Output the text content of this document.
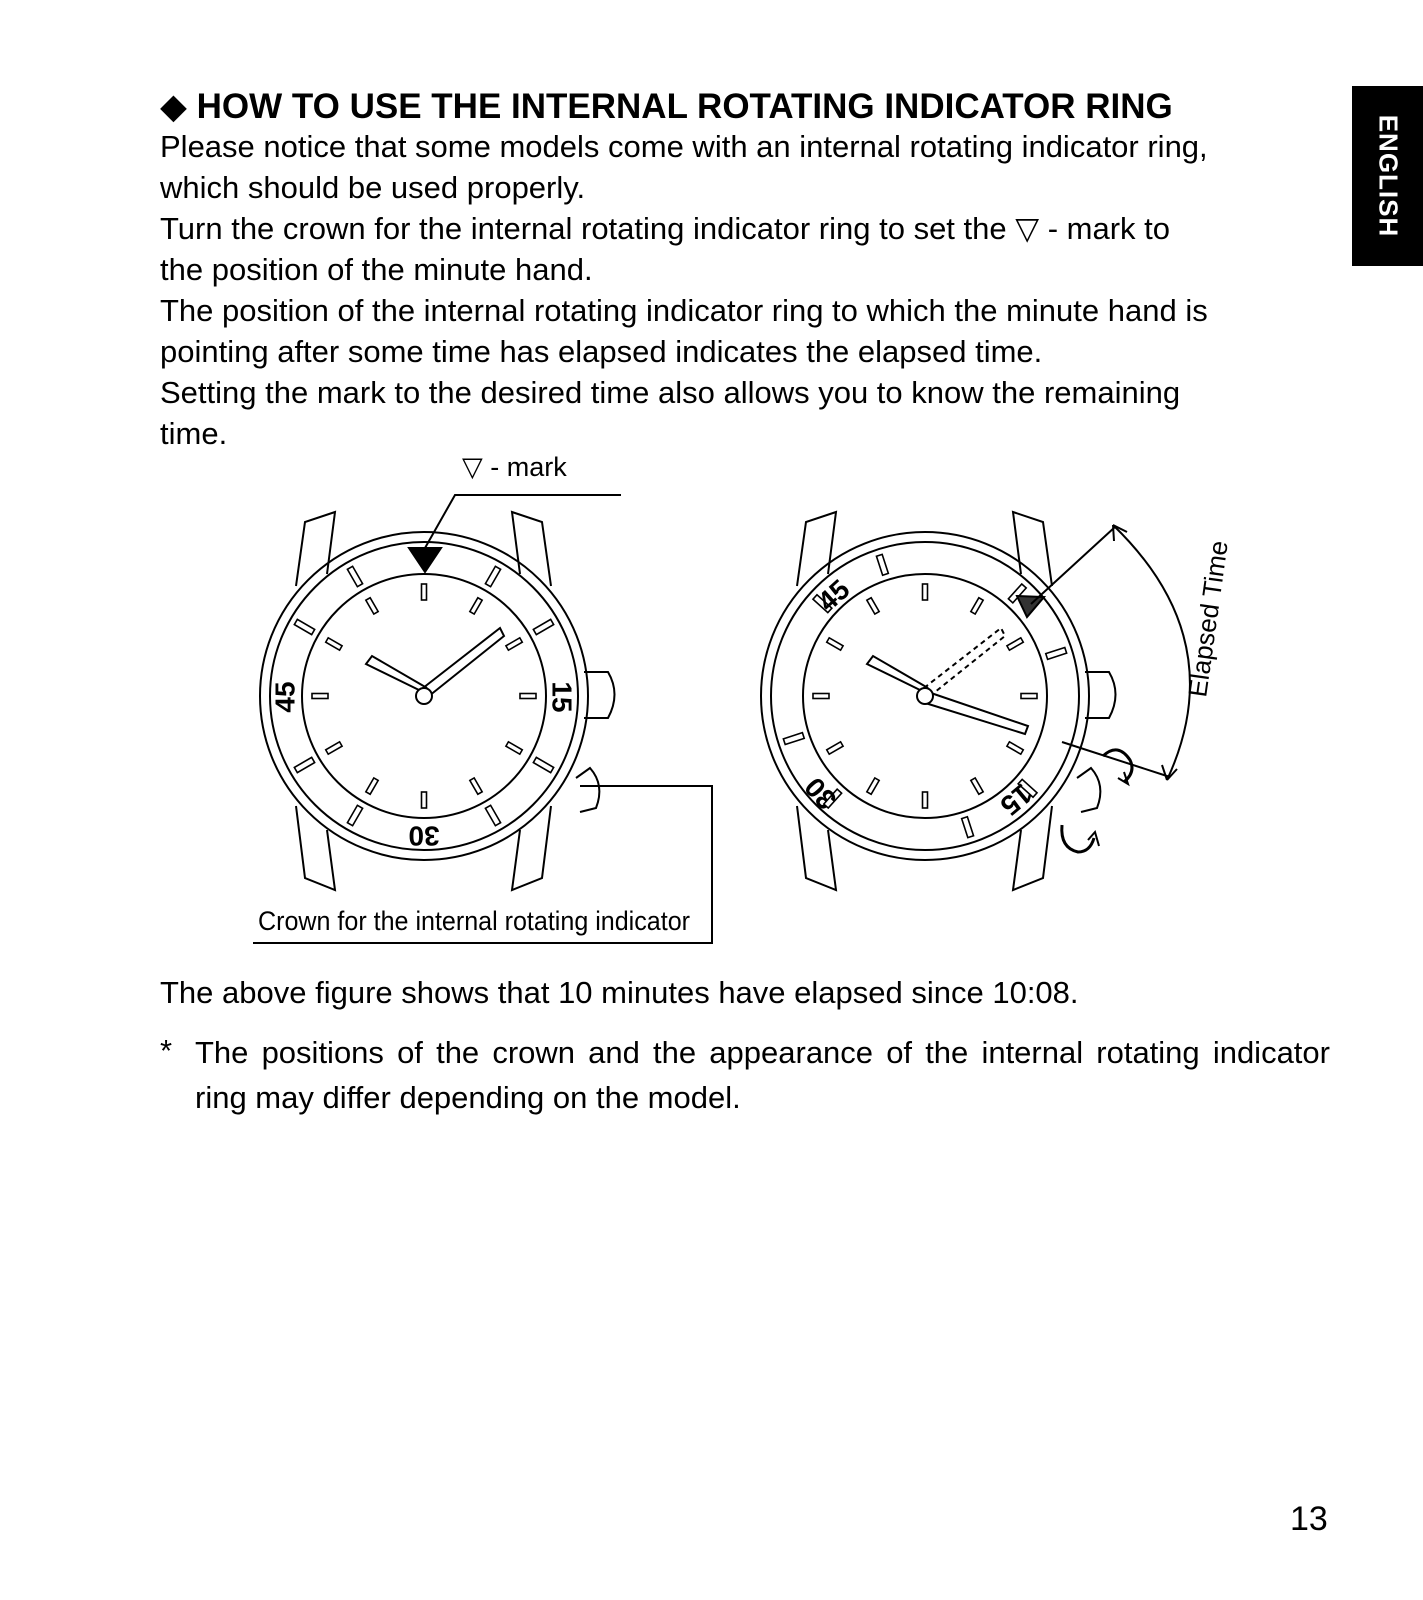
◆ HOW TO USE THE INTERNAL ROTATING INDICATOR RING
ENGLISH

Please notice that some models come with an internal rotating indicator ring,

which should be used properly.

Turn the crown for the internal rotating indicator ring to set the ▽ - mark to

the position of the minute hand.

The position of the internal rotating indicator ring to which the minute hand is

pointing after some time has elapsed indicates the elapsed time.

Setting the mark to the desired time also allows you to know the remaining

time.

▽ - mark
Crown for the internal rotating indicator
Elapsed Time
15
30
45
15
30
45
The above figure shows that 10 minutes have elapsed since 10:08.
* The positions of the crown and the appearance of the internal rotating indicator ring may differ depending on the model.
13
